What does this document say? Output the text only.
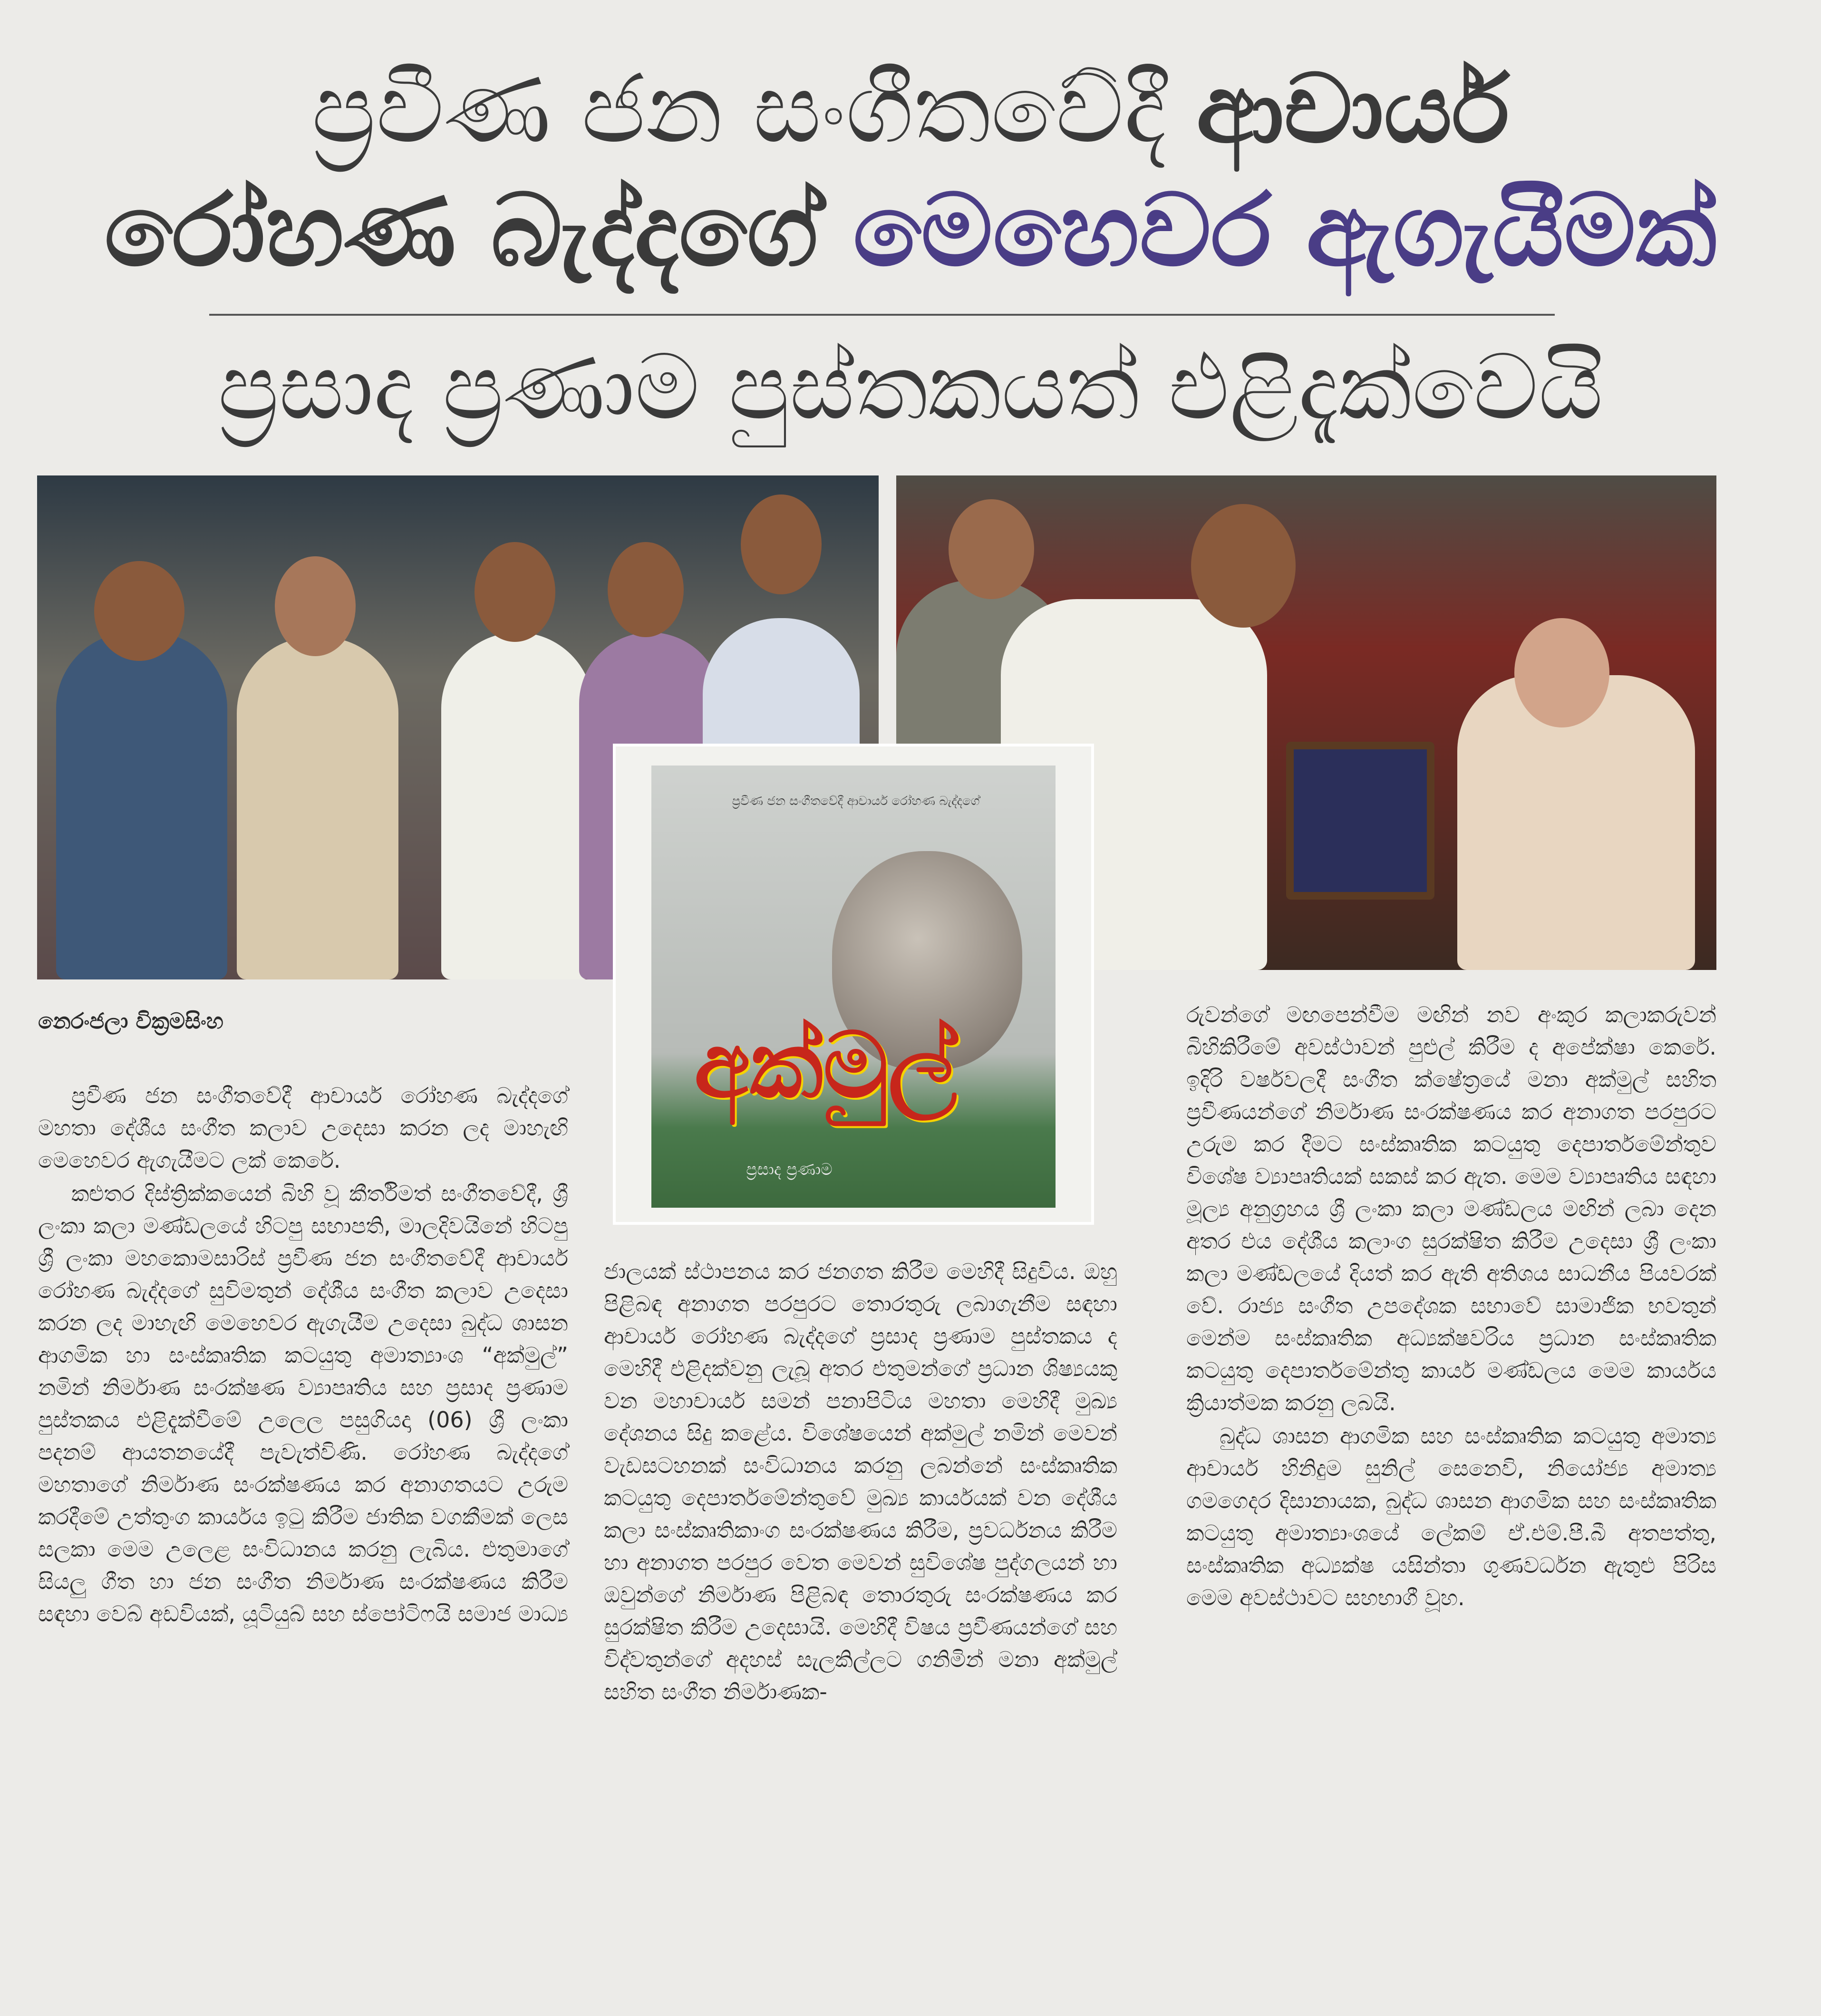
ප්‍රවීණ ජන සංගීතවේදී ආචාර්ය
රෝහණ බැද්දගේ මෙහෙවර ඇගැයීමක්
ප්‍රසාද ප්‍රණාම පුස්තකයත් එළිදැක්වෙයි
ප්‍රවීණ ජන සංගීතවේදී ආචාර්ය රෝහණ බැද්දගේ
අක්මුල්
ප්‍රසාද ප්‍රණාම
නෙරංජලා වික්‍රමසිංහ

ප්‍රවීණ ජන සංගීතවේදී ආචාර්ය රෝහණ බැද්දගේ මහතා දේශීය සංගීත කලාව උදෙසා කරන ලද මාහැඟි මෙහෙවර ඇගැයීමට ලක් කෙරේ.

කළුතර දිස්ත්‍රික්කයෙන් බිහි වූ කීර්තිමත් සංගීතවේදී, ශ්‍රී ලංකා කලා මණ්ඩලයේ හිටපු සභාපති, මාලදිවයිනේ හිටපු ශ්‍රී ලංකා මහකොමසාරිස් ප්‍රවීණ ජන සංගීතවේදී ආචාර්ය රෝහණ බැද්දගේ සුවිමතුන් දේශීය සංගීත කලාව උදෙසා කරන ලද මාහැඟි මෙහෙවර ඇගැයීම උදෙසා බුද්ධ ශාසන ආගමික හා සංස්කෘතික කටයුතු අමාත්‍යාංශ “අක්මුල්” නමින් නිර්මාණ සංරක්ෂණ ව්‍යාපෘතිය සහ ප්‍රසාද ප්‍රණාම පුස්තකය එළිදැක්වීමේ උලෙල පසුගියදා (06) ශ්‍රී ලංකා පදනම් ආයතනයේදී පැවැත්විණි. රෝහණ බැද්දගේ මහතාගේ නිර්මාණ සංරක්ෂණය කර අනාගතයට උරුම කරදීමේ උත්තුංග කාර්යය ඉටු කිරීම ජාතික වගකීමක් ලෙස සලකා මෙම උලෙළ සංවිධානය කරනු ලැබිය. එතුමාගේ සියලු ගීත හා ජන සංගීත නිර්මාණ සංරක්ෂණය කිරීම සඳහා වෙබ් අඩවියක්, යූටියුබ් සහ ස්පෝටිෆයි සමාජ මාධ්‍ය

ජාලයක් ස්ථාපනය කර ජනගත කිරීම මෙහිදී සිදුවිය. ඔහු පිළිබඳ අනාගත පරපුරට තොරතුරු ලබාගැනීම සඳහා ආචාර්ය රෝහණ බැද්දගේ ප්‍රසාද ප්‍රණාම පුස්තකය ද මෙහිදී එළිදක්වනු ලැබූ අතර එතුමන්ගේ ප්‍රධාන ශිෂ්‍යයකු වන මහාචාර්ය සමන් පනාපිටිය මහතා මෙහිදී මුඛ්‍ය දේශනය සිදු කළේය. විශේෂයෙන් අක්මුල් නමින් මෙවන් වැඩසටහනක් සංවිධානය කරනු ලබන්නේ සංස්කෘතික කටයුතු දෙපාර්තමේන්තුවේ මුඛ්‍ය කාර්යයක් වන දේශීය කලා සංස්කෘතිකාංග සංරක්ෂණය කිරීම, ප්‍රවර්ධනය කිරීම හා අනාගත පරපුර වෙත මෙවන් සුවිශේෂ පුද්ගලයන් හා ඔවුන්ගේ නිර්මාණ පිළිබඳ තොරතුරු සංරක්ෂණය කර සුරක්ෂිත කිරීම උදෙසායි. මෙහිදී විෂය ප්‍රවීණයන්ගේ සහ විද්වතුන්ගේ අදහස් සැලකිල්ලට ගනිමින් මනා අක්මුල් සහිත සංගීත නිර්මාණක-

රුවන්ගේ මඟපෙන්වීම මඟින් නව අංකුර කලාකරුවන් බිහිකිරීමේ අවස්ථාවන් පුළුල් කිරීම ද අපේක්ෂා කෙරේ. ඉදිරි වර්ෂවලදී සංගීත ක්ෂේත්‍රයේ මනා අක්මුල් සහිත ප්‍රවීණයන්ගේ නිර්මාණ සංරක්ෂණය කර අනාගත පරපුරට උරුම කර දීමට සංස්කෘතික කටයුතු දෙපාර්තමේන්තුව විශේෂ ව්‍යාපෘතියක් සකස් කර ඇත. මෙම ව්‍යාපෘතිය සඳහා මූල්‍ය අනුග්‍රහය ශ්‍රී ලංකා කලා මණ්ඩලය මඟින් ලබා දෙන අතර එය දේශීය කලාංග සුරක්ෂිත කිරීම උදෙසා ශ්‍රී ලංකා කලා මණ්ඩලයේ දියත් කර ඇති අතිශය සාධනීය පියවරක් වේ. රාජ්‍ය සංගීත උපදේශක සභාවේ සාමාජික භවතුන් මෙන්ම සංස්කෘතික අධ්‍යක්ෂවරිය ප්‍රධාන සංස්කෘතික කටයුතු දෙපාර්තමේන්තු කාර්ය මණ්ඩලය මෙම කාර්යය ක්‍රියාත්මක කරනු ලබයි.

බුද්ධ ශාසන ආගමික සහ සංස්කෘතික කටයුතු අමාත්‍ය ආචාර්ය හිනිදුම සුනිල් සෙනෙවි, නියෝජ්‍ය අමාත්‍ය ගමගෙදර දිසානායක, බුද්ධ ශාසන ආගමික සහ සංස්කෘතික කටයුතු අමාත්‍යාංශයේ ලේකම් ඒ.එම්.පී.බී අතපත්තු, සංස්කෘතික අධ්‍යක්ෂ යසින්තා ගුණවර්ධන ඇතුළු පිරිස මෙම අවස්ථාවට සහභාගී වූහ.
